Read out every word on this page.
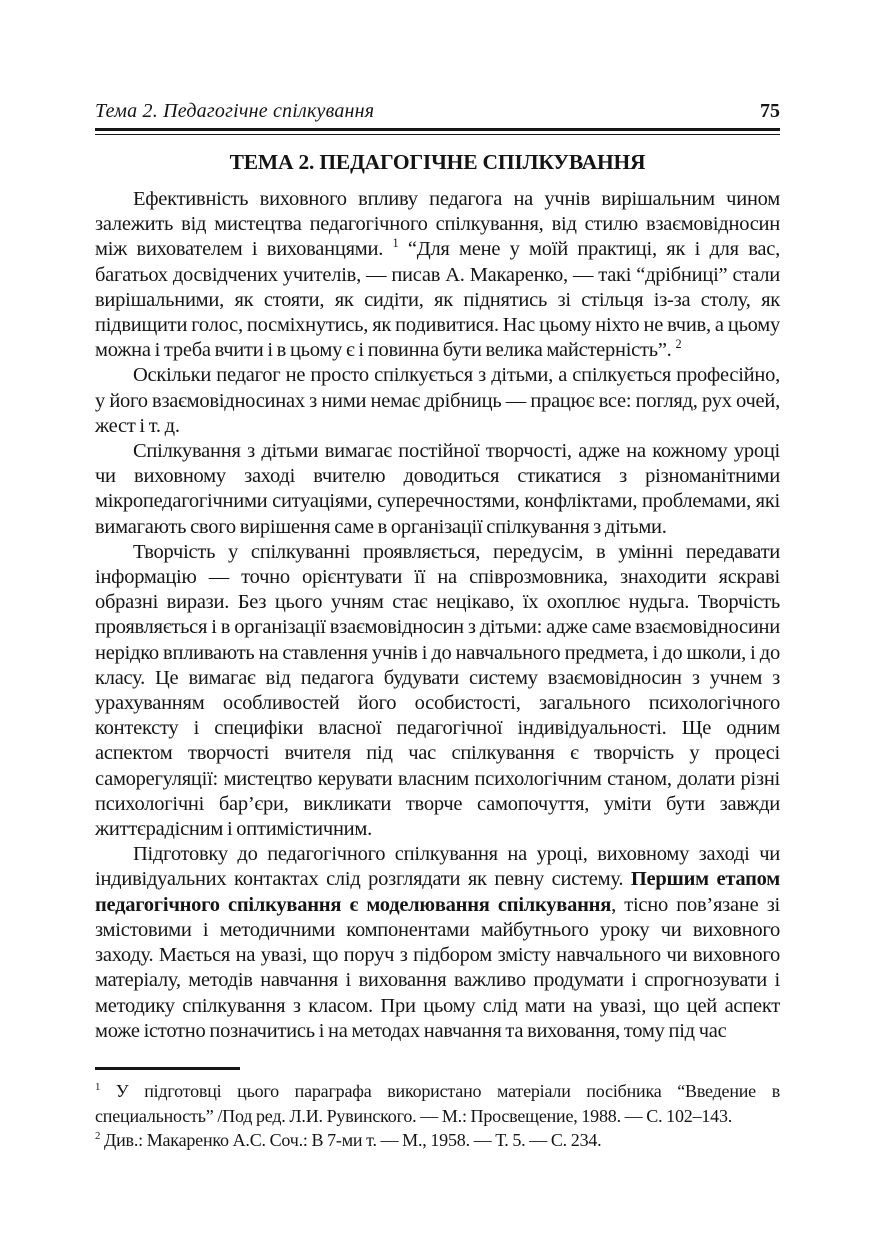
Тема 2. Педагогічне спілкування	75
ТЕМА 2. ПЕДАГОГІЧНЕ СПІЛКУВАННЯ

Ефективність виховного впливу педагога на учнів вирішальним чином залежить від мистецтва педагогічного спілкування, від стилю взаємовідносин між вихователем і вихованцями. $^1$ “Для мене у моїй практиці, як і для вас, багатьох досвідчених учителів, — писав А. Макаренко, — такі “дрібниці” стали вирішальними, як стояти, як сидіти, як піднятись зі стільця із-за столу, як підвищити голос, посміхнутись, як подивитися. Нас цьому ніхто не вчив, а цьому можна і треба вчити і в цьому є і повинна бути велика майстерність”. $^2$

Оскільки педагог не просто спілкується з дітьми, а спілкується професійно, у його взаємовідносинах з ними немає дрібниць — працює все: погляд, рух очей, жест і т. д.

Спілкування з дітьми вимагає постійної творчості, адже на кожному уроці чи виховному заході вчителю доводиться стикатися з різноманітними мікропедагогічними ситуаціями, суперечностями, конфліктами, проблемами, які вимагають свого вирішення саме в організації спілкування з дітьми.

Творчість у спілкуванні проявляється, передусім, в умінні передавати інформацію — точно орієнтувати її на співрозмовника, знаходити яскраві образні вирази. Без цього учням стає нецікаво, їх охоплює нудьга. Творчість проявляється і в організації взаємовідносин з дітьми: адже саме взаємовідносини нерідко впливають на ставлення учнів і до навчального предмета, і до школи, і до класу. Це вимагає від педагога будувати систему взаємовідносин з учнем з урахуванням особливостей його особистості, загального психологічного контексту і специфіки власної педагогічної індивідуальності. Ще одним аспектом творчості вчителя під час спілкування є творчість у процесі саморегуляції: мистецтво керувати власним психологічним станом, долати різні психологічні бар’єри, викликати творче самопочуття, уміти бути завжди життєрадісним і оптимістичним.

Підготовку до педагогічного спілкування на уроці, виховному заході чи індивідуальних контактах слід розглядати як певну систему. Першим етапом педагогічного спілкування є моделювання спілкування, тісно пов’язане зі змістовими і методичними компонентами майбутнього уроку чи виховного заходу. Мається на увазі, що поруч з підбором змісту навчального чи виховного матеріалу, методів навчання і виховання важливо продумати і спрогнозувати і методику спілкування з класом. При цьому слід мати на увазі, що цей аспект може істотно позначитись і на методах навчання та виховання, тому під час

$^1$ У підготовці цього параграфа використано матеріали посібника “Введение в специальность” /Под ред. Л.И. Рувинского. — М.: Просвещение, 1988. — С. 102–143.

$^2$ Див.: Макаренко А.С. Соч.: В 7-ми т. — М., 1958. — Т. 5. — С. 234.
